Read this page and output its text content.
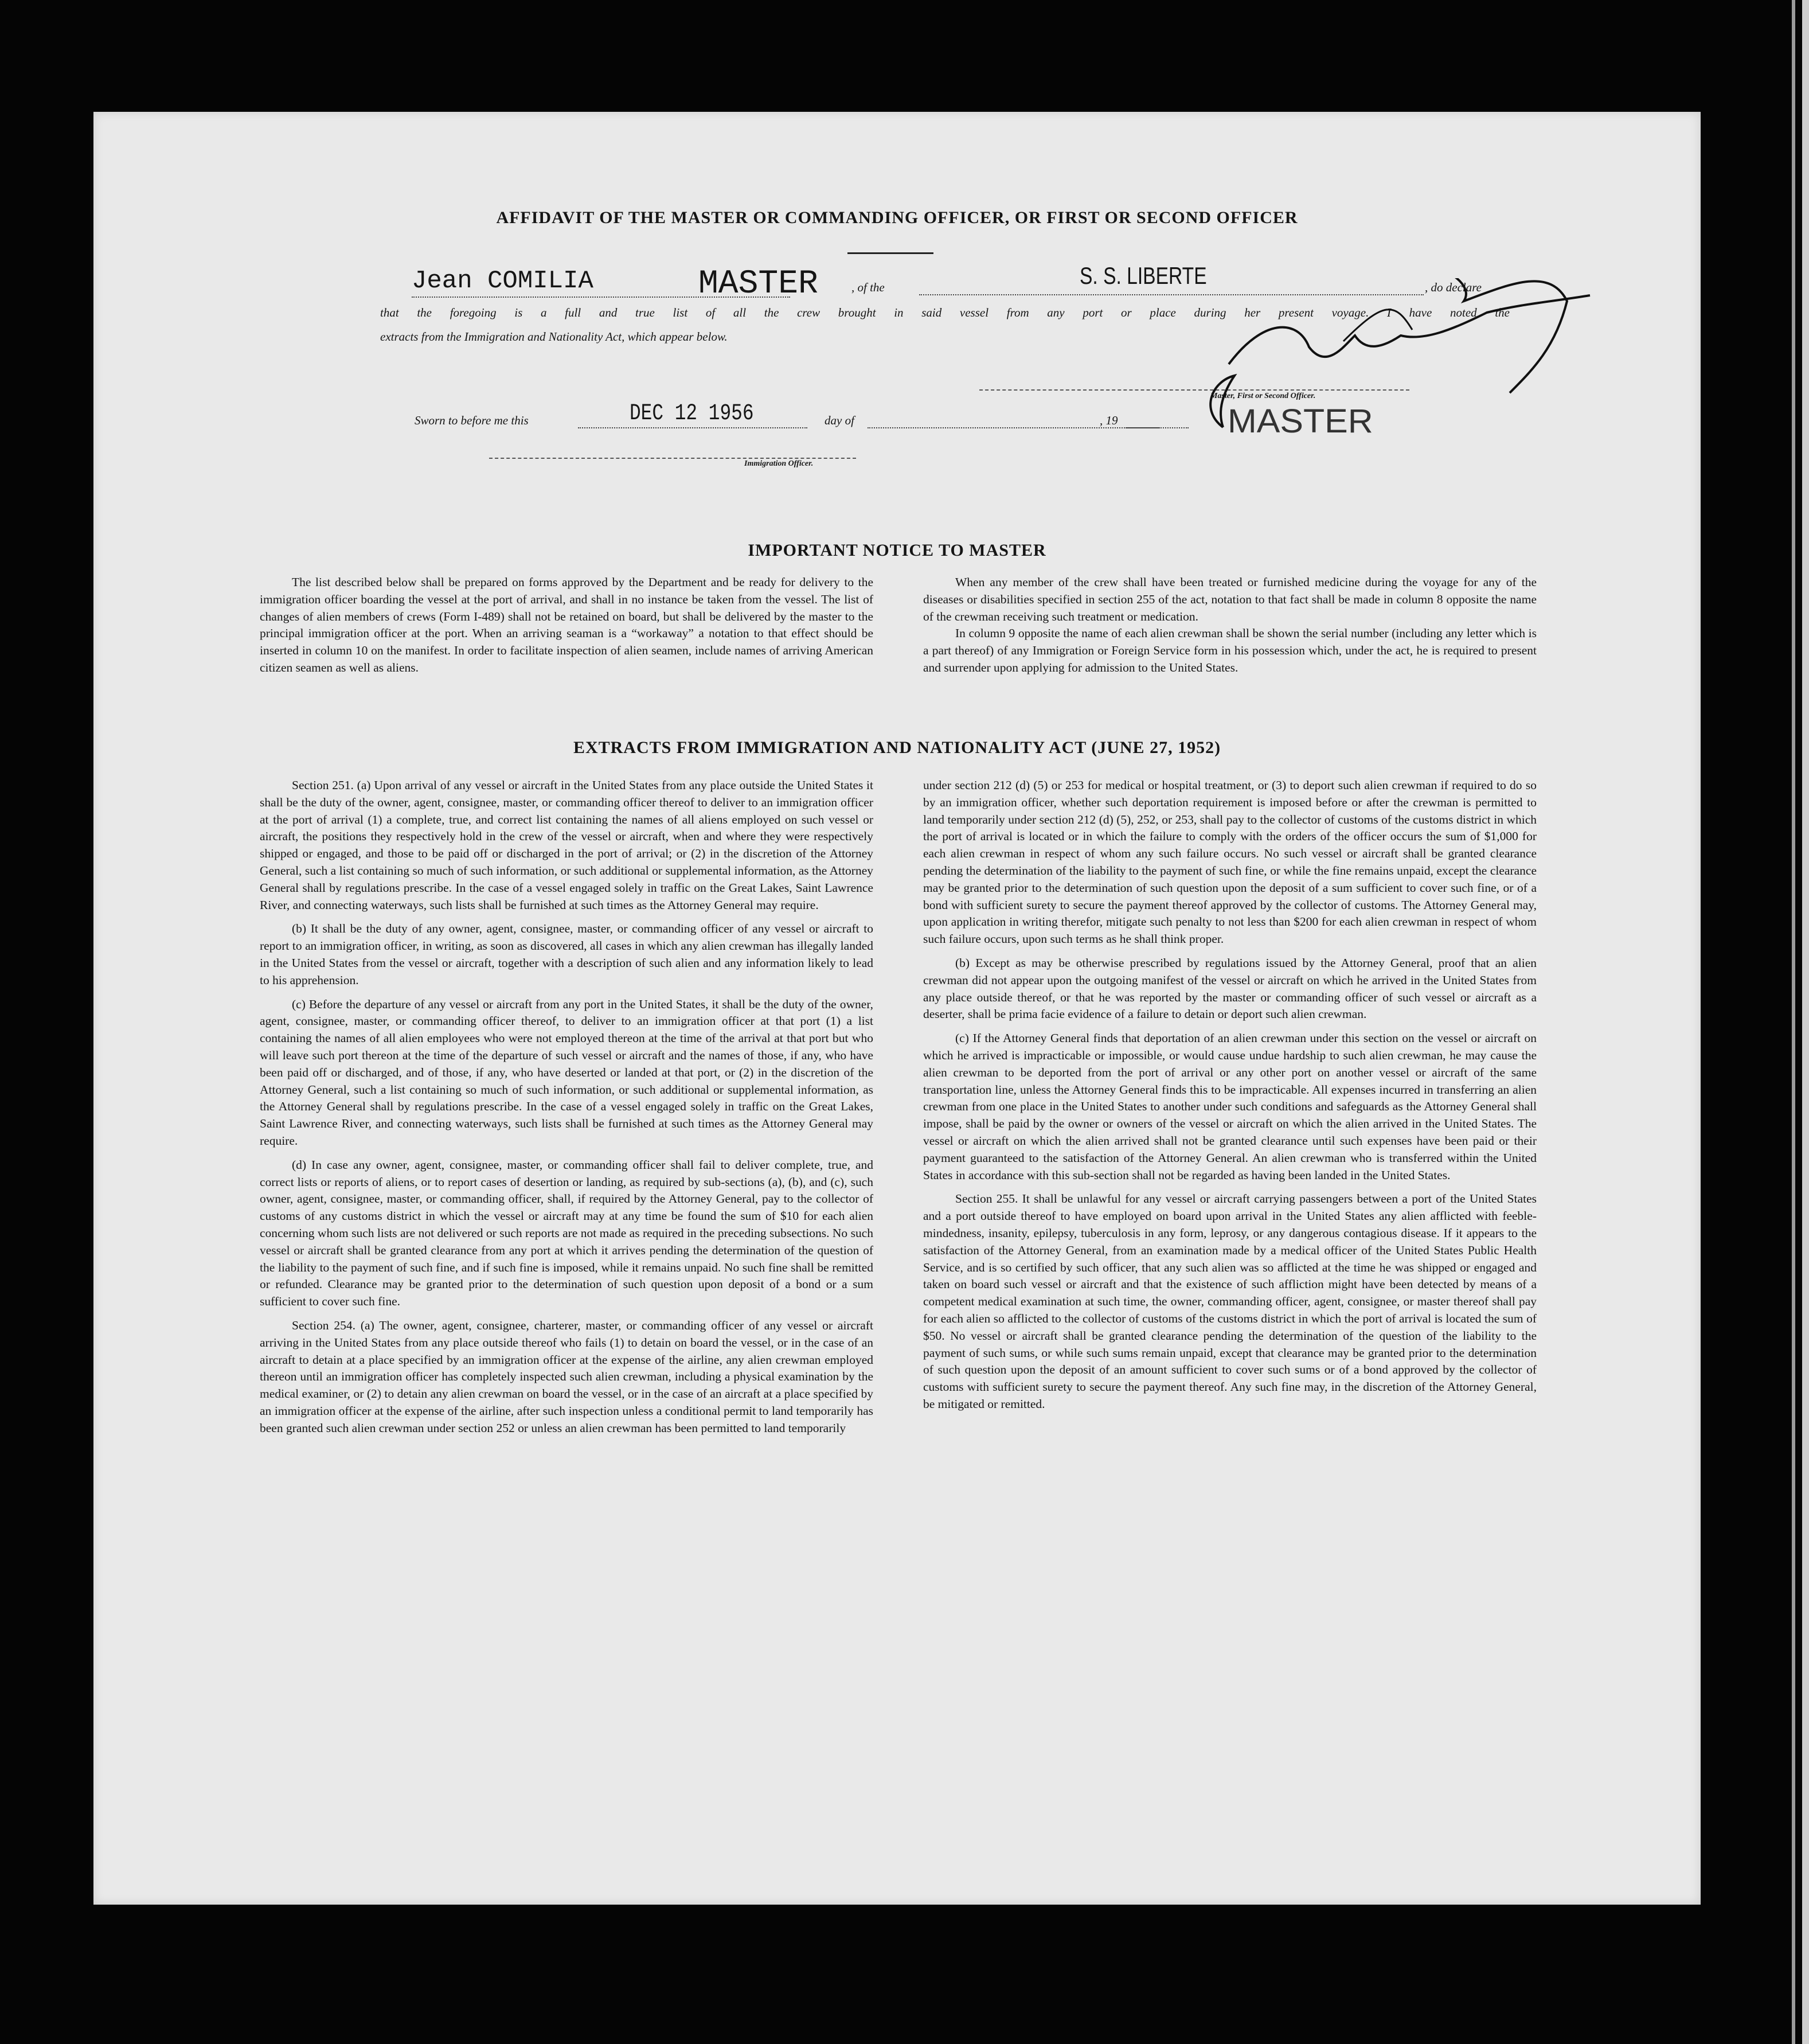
AFFIDAVIT OF THE MASTER OR COMMANDING OFFICER, OR FIRST OR SECOND OFFICER
Jean COMILIA	MASTER	, of the	S. S. LIBERTE	, do declare
that the foregoing is a full and true list of all the crew brought in said vessel from any port or place during her present voyage. I have noted the
extracts from the Immigration and Nationality Act, which appear below.
Sworn to before me this	DEC 12 1956	day of	, 19
Master, First or Second Officer.
MASTER
Immigration Officer.
IMPORTANT NOTICE TO MASTER

The list described below shall be prepared on forms approved by the Department and be ready for delivery to the immigration officer boarding the vessel at the port of arrival, and shall in no instance be taken from the vessel. The list of changes of alien members of crews (Form I-489) shall not be retained on board, but shall be delivered by the master to the principal immigration officer at the port. When an arriving seaman is a “workaway” a notation to that effect should be inserted in column 10 on the manifest. In order to facilitate inspection of alien seamen, include names of arriving American citizen seamen as well as aliens.

When any member of the crew shall have been treated or furnished medicine during the voyage for any of the diseases or disabilities specified in section 255 of the act, notation to that fact shall be made in column 8 opposite the name of the crewman receiving such treatment or medication.

In column 9 opposite the name of each alien crewman shall be shown the serial number (including any letter which is a part thereof) of any Immigration or Foreign Service form in his possession which, under the act, he is required to present and surrender upon applying for admission to the United States.

EXTRACTS FROM IMMIGRATION AND NATIONALITY ACT (JUNE 27, 1952)

Section 251. (a) Upon arrival of any vessel or aircraft in the United States from any place outside the United States it shall be the duty of the owner, agent, consignee, master, or commanding officer thereof to deliver to an immigration officer at the port of arrival (1) a complete, true, and correct list containing the names of all aliens employed on such vessel or aircraft, the positions they respectively hold in the crew of the vessel or aircraft, when and where they were respectively shipped or engaged, and those to be paid off or discharged in the port of arrival; or (2) in the discretion of the Attorney General, such a list containing so much of such information, or such additional or supplemental information, as the Attorney General shall by regulations prescribe. In the case of a vessel engaged solely in traffic on the Great Lakes, Saint Lawrence River, and connecting waterways, such lists shall be furnished at such times as the Attorney General may require.

(b) It shall be the duty of any owner, agent, consignee, master, or commanding officer of any vessel or aircraft to report to an immigration officer, in writing, as soon as discovered, all cases in which any alien crewman has illegally landed in the United States from the vessel or aircraft, together with a description of such alien and any information likely to lead to his apprehension.

(c) Before the departure of any vessel or aircraft from any port in the United States, it shall be the duty of the owner, agent, consignee, master, or commanding officer thereof, to deliver to an immigration officer at that port (1) a list containing the names of all alien employees who were not employed thereon at the time of the arrival at that port but who will leave such port thereon at the time of the departure of such vessel or aircraft and the names of those, if any, who have been paid off or discharged, and of those, if any, who have deserted or landed at that port, or (2) in the discretion of the Attorney General, such a list containing so much of such information, or such additional or supplemental information, as the Attorney General shall by regulations prescribe. In the case of a vessel engaged solely in traffic on the Great Lakes, Saint Lawrence River, and connecting waterways, such lists shall be furnished at such times as the Attorney General may require.

(d) In case any owner, agent, consignee, master, or commanding officer shall fail to deliver complete, true, and correct lists or reports of aliens, or to report cases of desertion or landing, as required by sub-sections (a), (b), and (c), such owner, agent, consignee, master, or commanding officer, shall, if required by the Attorney General, pay to the collector of customs of any customs district in which the vessel or aircraft may at any time be found the sum of $10 for each alien concerning whom such lists are not delivered or such reports are not made as required in the preceding subsections. No such vessel or aircraft shall be granted clearance from any port at which it arrives pending the determination of the question of the liability to the payment of such fine, and if such fine is imposed, while it remains unpaid. No such fine shall be remitted or refunded. Clearance may be granted prior to the determination of such question upon deposit of a bond or a sum sufficient to cover such fine.

Section 254. (a) The owner, agent, consignee, charterer, master, or commanding officer of any vessel or aircraft arriving in the United States from any place outside thereof who fails (1) to detain on board the vessel, or in the case of an aircraft to detain at a place specified by an immigration officer at the expense of the airline, any alien crewman employed thereon until an immigration officer has completely inspected such alien crewman, including a physical examination by the medical examiner, or (2) to detain any alien crewman on board the vessel, or in the case of an aircraft at a place specified by an immigration officer at the expense of the airline, after such inspection unless a conditional permit to land temporarily has been granted such alien crewman under section 252 or unless an alien crewman has been permitted to land temporarily

under section 212 (d) (5) or 253 for medical or hospital treatment, or (3) to deport such alien crewman if required to do so by an immigration officer, whether such deportation requirement is imposed before or after the crewman is permitted to land temporarily under section 212 (d) (5), 252, or 253, shall pay to the collector of customs of the customs district in which the port of arrival is located or in which the failure to comply with the orders of the officer occurs the sum of $1,000 for each alien crewman in respect of whom any such failure occurs. No such vessel or aircraft shall be granted clearance pending the determination of the liability to the payment of such fine, or while the fine remains unpaid, except the clearance may be granted prior to the determination of such question upon the deposit of a sum sufficient to cover such fine, or of a bond with sufficient surety to secure the payment thereof approved by the collector of customs. The Attorney General may, upon application in writing therefor, mitigate such penalty to not less than $200 for each alien crewman in respect of whom such failure occurs, upon such terms as he shall think proper.

(b) Except as may be otherwise prescribed by regulations issued by the Attorney General, proof that an alien crewman did not appear upon the outgoing manifest of the vessel or aircraft on which he arrived in the United States from any place outside thereof, or that he was reported by the master or commanding officer of such vessel or aircraft as a deserter, shall be prima facie evidence of a failure to detain or deport such alien crewman.

(c) If the Attorney General finds that deportation of an alien crewman under this section on the vessel or aircraft on which he arrived is impracticable or impossible, or would cause undue hardship to such alien crewman, he may cause the alien crewman to be deported from the port of arrival or any other port on another vessel or aircraft of the same transportation line, unless the Attorney General finds this to be impracticable. All expenses incurred in transferring an alien crewman from one place in the United States to another under such conditions and safeguards as the Attorney General shall impose, shall be paid by the owner or owners of the vessel or aircraft on which the alien arrived in the United States. The vessel or aircraft on which the alien arrived shall not be granted clearance until such expenses have been paid or their payment guaranteed to the satisfaction of the Attorney General. An alien crewman who is transferred within the United States in accordance with this sub-section shall not be regarded as having been landed in the United States.

Section 255. It shall be unlawful for any vessel or aircraft carrying passengers between a port of the United States and a port outside thereof to have employed on board upon arrival in the United States any alien afflicted with feeble-mindedness, insanity, epilepsy, tuberculosis in any form, leprosy, or any dangerous contagious disease. If it appears to the satisfaction of the Attorney General, from an examination made by a medical officer of the United States Public Health Service, and is so certified by such officer, that any such alien was so afflicted at the time he was shipped or engaged and taken on board such vessel or aircraft and that the existence of such affliction might have been detected by means of a competent medical examination at such time, the owner, commanding officer, agent, consignee, or master thereof shall pay for each alien so afflicted to the collector of customs of the customs district in which the port of arrival is located the sum of $50. No vessel or aircraft shall be granted clearance pending the determination of the question of the liability to the payment of such sums, or while such sums remain unpaid, except that clearance may be granted prior to the determination of such question upon the deposit of an amount sufficient to cover such sums or of a bond approved by the collector of customs with sufficient surety to secure the payment thereof. Any such fine may, in the discretion of the Attorney General, be mitigated or remitted.
